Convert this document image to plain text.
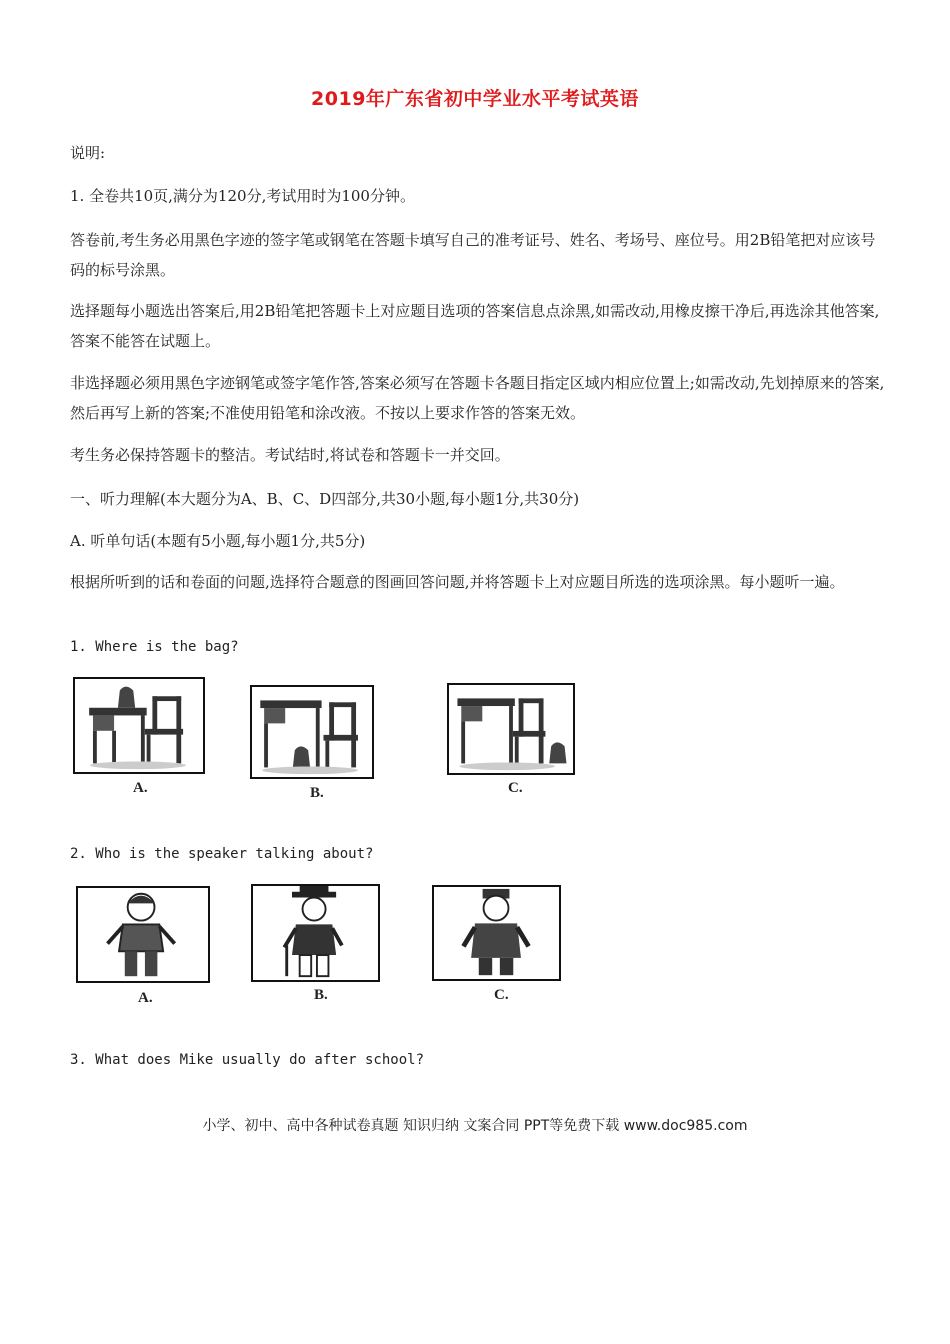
2019年广东省初中学业水平考试英语
说明:
1. 全卷共10页,满分为120分,考试用时为100分钟。
答卷前,考生务必用黑色字迹的签字笔或钢笔在答题卡填写自己的准考证号、姓名、考场号、座位号。用2B铅笔把对应该号码的标号涂黑。
选择题每小题选出答案后,用2B铅笔把答题卡上对应题目选项的答案信息点涂黑,如需改动,用橡皮擦干净后,再选涂其他答案,答案不能答在试题上。
非选择题必须用黑色字迹钢笔或签字笔作答,答案必须写在答题卡各题目指定区域内相应位置上;如需改动,先划掉原来的答案,然后再写上新的答案;不准使用铅笔和涂改液。不按以上要求作答的答案无效。
考生务必保持答题卡的整洁。考试结时,将试卷和答题卡一并交回。
一、听力理解(本大题分为A、B、C、D四部分,共30小题,每小题1分,共30分)
A. 听单句话(本题有5小题,每小题1分,共5分)
根据所听到的话和卷面的问题,选择符合题意的图画回答问题,并将答题卡上对应题目所选的选项涂黑。每小题听一遍。
1. Where is the bag?
A.	B.	C.
2. Who is the speaker talking about?
A.	B.	C.
3. What does Mike usually do after school?
小学、初中、高中各种试卷真题 知识归纳 文案合同 PPT等免费下载 www.doc985.com
